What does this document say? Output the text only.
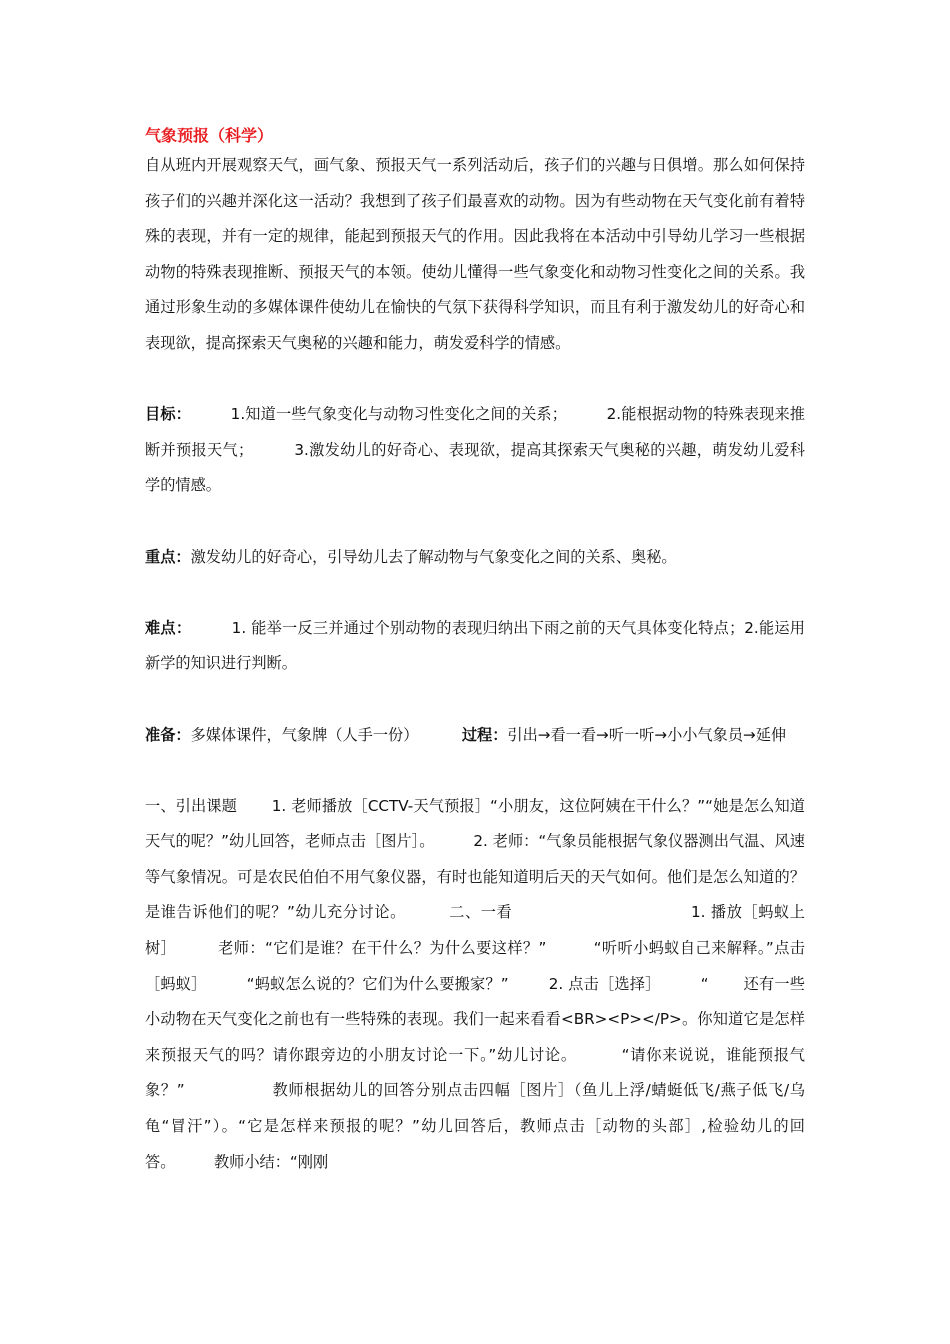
气象预报（科学）

自从班内开展观察天气，画气象、预报天气一系列活动后，孩子们的兴趣与日俱增。那么如何保持孩子们的兴趣并深化这一活动？我想到了孩子们最喜欢的动物。因为有些动物在天气变化前有着特殊的表现，并有一定的规律，能起到预报天气的作用。因此我将在本活动中引导幼儿学习一些根据动物的特殊表现推断、预报天气的本领。使幼儿懂得一些气象变化和动物习性变化之间的关系。我通过形象生动的多媒体课件使幼儿在愉快的气氛下获得科学知识，而且有利于激发幼儿的好奇心和表现欲，提高探索天气奥秘的兴趣和能力，萌发爱科学的情感。

目标：        1.知道一些气象变化与动物习性变化之间的关系；        2.能根据动物的特殊表现来推断并预报天气；        3.激发幼儿的好奇心、表现欲，提高其探索天气奥秘的兴趣，萌发幼儿爱科学的情感。

重点：激发幼儿的好奇心，引导幼儿去了解动物与气象变化之间的关系、奥秘。

难点：        1. 能举一反三并通过个别动物的表现归纳出下雨之前的天气具体变化特点；2.能运用新学的知识进行判断。

准备：多媒体课件，气象牌（人手一份）         过程：引出→看一看→听一听→小小气象员→延伸

一、引出课题       1. 老师播放［CCTV-天气预报］“小朋友，这位阿姨在干什么？”“她是怎么知道天气的呢？”幼儿回答，老师点击［图片］。        2. 老师：“气象员能根据气象仪器测出气温、风速等气象情况。可是农民伯伯不用气象仪器，有时也能知道明后天的天气如何。他们是怎么知道的？是谁告诉他们的呢？”幼儿充分讨论。        二、一看                                 1. 播放［蚂蚁上树］        老师：“它们是谁？在干什么？为什么要这样？”         “听听小蚂蚁自己来解释。”点击［蚂蚁］        “蚂蚁怎么说的？它们为什么要搬家？”        2. 点击［选择］        “       还有一些小动物在天气变化之前也有一些特殊的表现。我们一起来看看<BR><P></P>。你知道它是怎样来预报天气的吗？请你跟旁边的小朋友讨论一下。”幼儿讨论。        “请你来说说，谁能预报气象？”                教师根据幼儿的回答分别点击四幅［图片］（鱼儿上浮/蜻蜓低飞/燕子低飞/乌龟“冒汗”）。“它是怎样来预报的呢？”幼儿回答后，教师点击［动物的头部］,检验幼儿的回答。        教师小结：“刚刚
